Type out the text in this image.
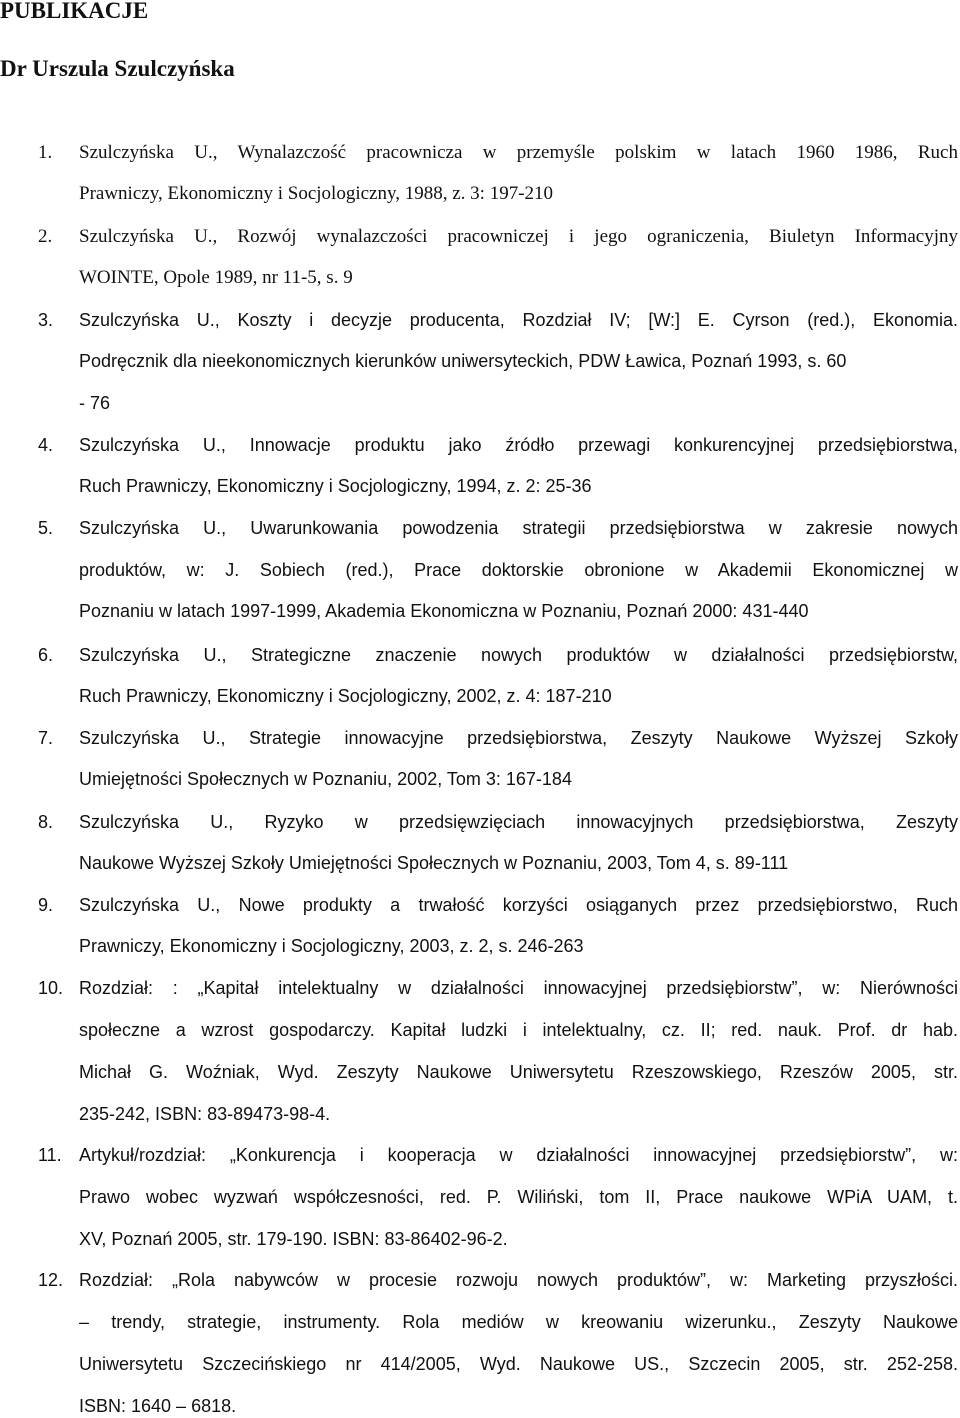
PUBLIKACJE
Dr Urszula Szulczyńska
1. Szulczyńska U., Wynalazczość pracownicza w przemyśle polskim w latach 1960 1986, Ruch
Prawniczy, Ekonomiczny i Socjologiczny, 1988, z. 3: 197-210
2. Szulczyńska U., Rozwój wynalazczości pracowniczej i jego ograniczenia, Biuletyn Informacyjny
WOINTE, Opole 1989, nr 11-5, s. 9
3. Szulczyńska U., Koszty i decyzje producenta, Rozdział IV; [W:] E. Cyrson (red.), Ekonomia.
Podręcznik dla nieekonomicznych kierunków uniwersyteckich, PDW Ławica, Poznań 1993, s. 60
- 76
4. Szulczyńska U., Innowacje produktu jako źródło przewagi konkurencyjnej przedsiębiorstwa,
Ruch Prawniczy, Ekonomiczny i Socjologiczny, 1994, z. 2: 25-36
5. Szulczyńska U., Uwarunkowania powodzenia strategii przedsiębiorstwa w zakresie nowych
produktów, w: J. Sobiech (red.), Prace doktorskie obronione w Akademii Ekonomicznej w
Poznaniu w latach 1997-1999, Akademia Ekonomiczna w Poznaniu, Poznań 2000: 431-440
6. Szulczyńska U., Strategiczne znaczenie nowych produktów w działalności przedsiębiorstw,
Ruch Prawniczy, Ekonomiczny i Socjologiczny, 2002, z. 4: 187-210
7. Szulczyńska U., Strategie innowacyjne przedsiębiorstwa, Zeszyty Naukowe Wyższej Szkoły
Umiejętności Społecznych w Poznaniu, 2002, Tom 3: 167-184
8. Szulczyńska U., Ryzyko w przedsięwzięciach innowacyjnych przedsiębiorstwa, Zeszyty
Naukowe Wyższej Szkoły Umiejętności Społecznych w Poznaniu, 2003, Tom 4, s. 89-111
9. Szulczyńska U., Nowe produkty a trwałość korzyści osiąganych przez przedsiębiorstwo, Ruch
Prawniczy, Ekonomiczny i Socjologiczny, 2003, z. 2, s. 246-263
10. Rozdział: : „Kapitał intelektualny w działalności innowacyjnej przedsiębiorstw”, w: Nierówności
społeczne a wzrost gospodarczy. Kapitał ludzki i intelektualny, cz. II; red. nauk. Prof. dr hab.
Michał G. Woźniak, Wyd. Zeszyty Naukowe Uniwersytetu Rzeszowskiego, Rzeszów 2005, str.
235-242, ISBN: 83-89473-98-4.
11. Artykuł/rozdział: „Konkurencja i kooperacja w działalności innowacyjnej przedsiębiorstw”, w:
Prawo wobec wyzwań współczesności, red. P. Wiliński, tom II, Prace naukowe WPiA UAM, t.
XV, Poznań 2005, str. 179-190. ISBN: 83-86402-96-2.
12. Rozdział: „Rola nabywców w procesie rozwoju nowych produktów”, w: Marketing przyszłości.
– trendy, strategie, instrumenty. Rola mediów w kreowaniu wizerunku., Zeszyty Naukowe
Uniwersytetu Szczecińskiego nr 414/2005, Wyd. Naukowe US., Szczecin 2005, str. 252-258.
ISBN: 1640 – 6818.
